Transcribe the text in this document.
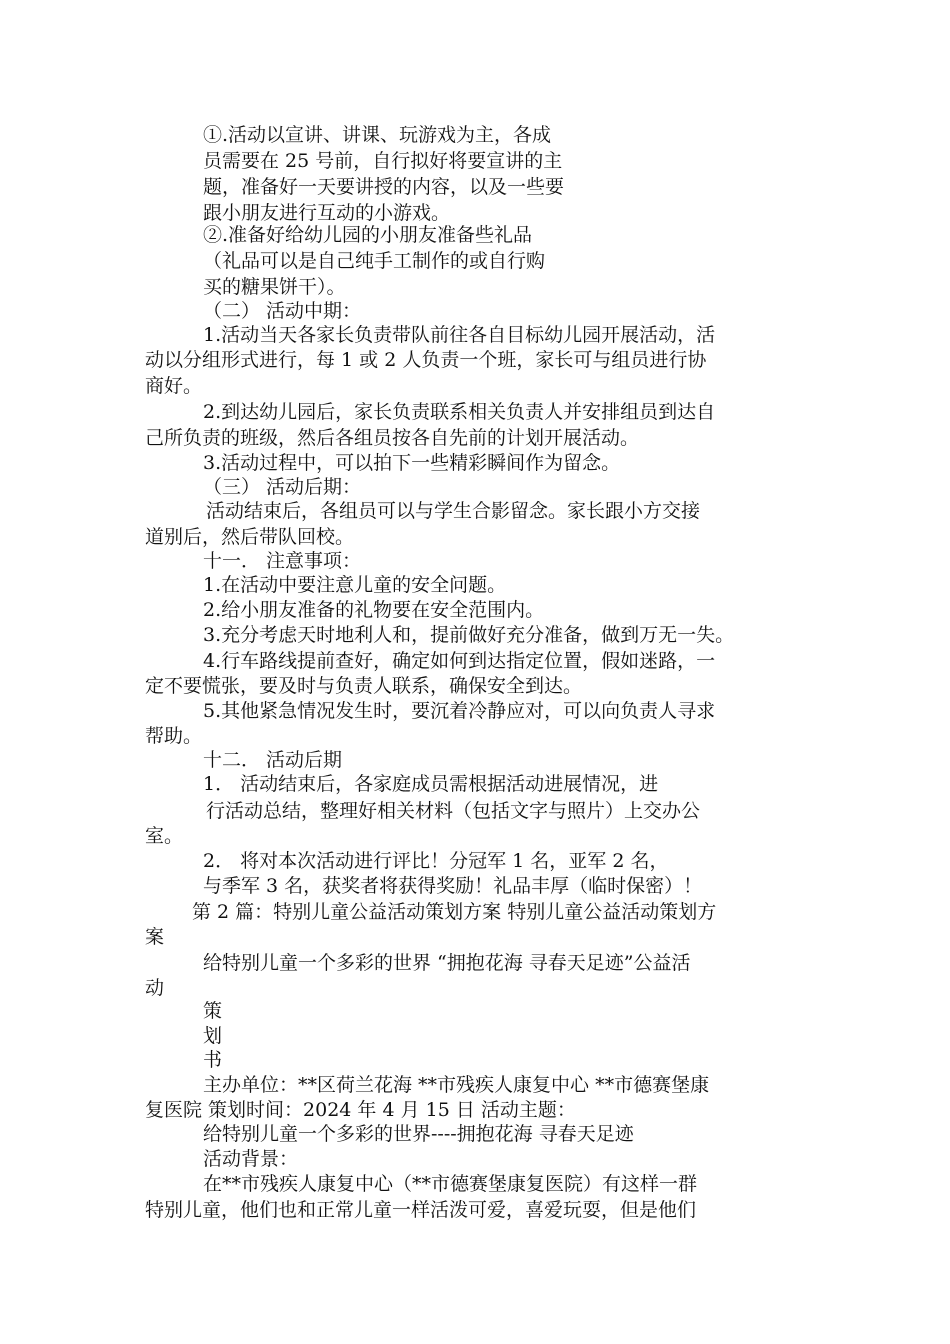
①.活动以宣讲、讲课、玩游戏为主，各成
员需要在 25 号前，自行拟好将要宣讲的主
题，准备好一天要讲授的内容，以及一些要
跟小朋友进行互动的小游戏。
②.准备好给幼儿园的小朋友准备些礼品
（礼品可以是自己纯手工制作的或自行购
买的糖果饼干）。
（二） 活动中期：
1.活动当天各家长负责带队前往各自目标幼儿园开展活动，活
动以分组形式进行，每 1 或 2 人负责一个班，家长可与组员进行协
商好。
2.到达幼儿园后，家长负责联系相关负责人并安排组员到达自
己所负责的班级，然后各组员按各自先前的计划开展活动。
3.活动过程中，可以拍下一些精彩瞬间作为留念。
（三） 活动后期：
活动结束后，各组员可以与学生合影留念。家长跟小方交接
道别后，然后带队回校。
十一． 注意事项：
1.在活动中要注意儿童的安全问题。
2.给小朋友准备的礼物要在安全范围内。
3.充分考虑天时地利人和，提前做好充分准备，做到万无一失。
4.行车路线提前查好，确定如何到达指定位置，假如迷路，一
定不要慌张，要及时与负责人联系，确保安全到达。
5.其他紧急情况发生时，要沉着冷静应对，可以向负责人寻求
帮助。
十二． 活动后期
1． 活动结束后，各家庭成员需根据活动进展情况，进
行活动总结，整理好相关材料（包括文字与照片）上交办公
室。
2． 将对本次活动进行评比！分冠军 1 名，亚军 2 名，
与季军 3 名，获奖者将获得奖励！礼品丰厚（临时保密）！
第 2 篇：特别儿童公益活动策划方案 特别儿童公益活动策划方
案
给特别儿童一个多彩的世界 “拥抱花海 寻春天足迹”公益活
动
策
划
书
主办单位：**区荷兰花海 **市残疾人康复中心 **市德赛堡康
复医院 策划时间：2024 年 4 月 15 日 活动主题：
给特别儿童一个多彩的世界----拥抱花海 寻春天足迹
活动背景：
在**市残疾人康复中心（**市德赛堡康复医院）有这样一群
特别儿童，他们也和正常儿童一样活泼可爱，喜爱玩耍，但是他们
